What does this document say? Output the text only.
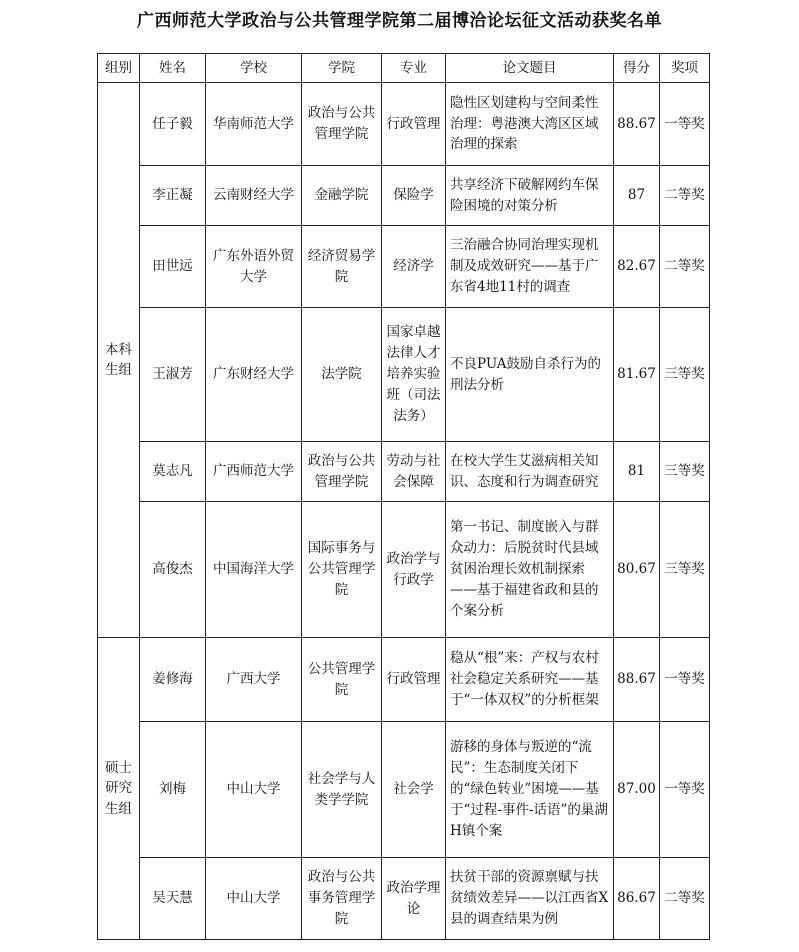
广西师范大学政治与公共管理学院第二届博洽论坛征文活动获奖名单
组别	姓名	学校	学院	专业	论文题目	得分	奖项
本科生组	任子毅	华南师范大学	政治与公共管理学院	行政管理	隐性区划建构与空间柔性治理：粤港澳大湾区区域治理的探索	88.67	一等奖
	李正凝	云南财经大学	金融学院	保险学	共享经济下破解网约车保险困境的对策分析	87	二等奖
	田世远	广东外语外贸大学	经济贸易学院	经济学	三治融合协同治理实现机制及成效研究——基于广东省4地11村的调查	82.67	二等奖
	王淑芳	广东财经大学	法学院	国家卓越法律人才培养实验班（司法法务）	不良PUA鼓励自杀行为的刑法分析	81.67	三等奖
	莫志凡	广西师范大学	政治与公共管理学院	劳动与社会保障	在校大学生艾滋病相关知识、态度和行为调查研究	81	三等奖
	高俊杰	中国海洋大学	国际事务与公共管理学院	政治学与行政学	第一书记、制度嵌入与群众动力：后脱贫时代县域贫困治理长效机制探索——基于福建省政和县的个案分析	80.67	三等奖
硕士研究生组	姜修海	广西大学	公共管理学院	行政管理	稳从“根”来：产权与农村社会稳定关系研究——基于“一体双权”的分析框架	88.67	一等奖
	刘梅	中山大学	社会学与人类学学院	社会学	游移的身体与叛逆的“流民”：生态制度关闭下的“绿色转业”困境——基于“过程-事件-话语”的巢湖H镇个案	87.00	一等奖
	吴天慧	中山大学	政治与公共事务管理学院	政治学理论	扶贫干部的资源禀赋与扶贫绩效差异——以江西省X县的调查结果为例	86.67	二等奖
